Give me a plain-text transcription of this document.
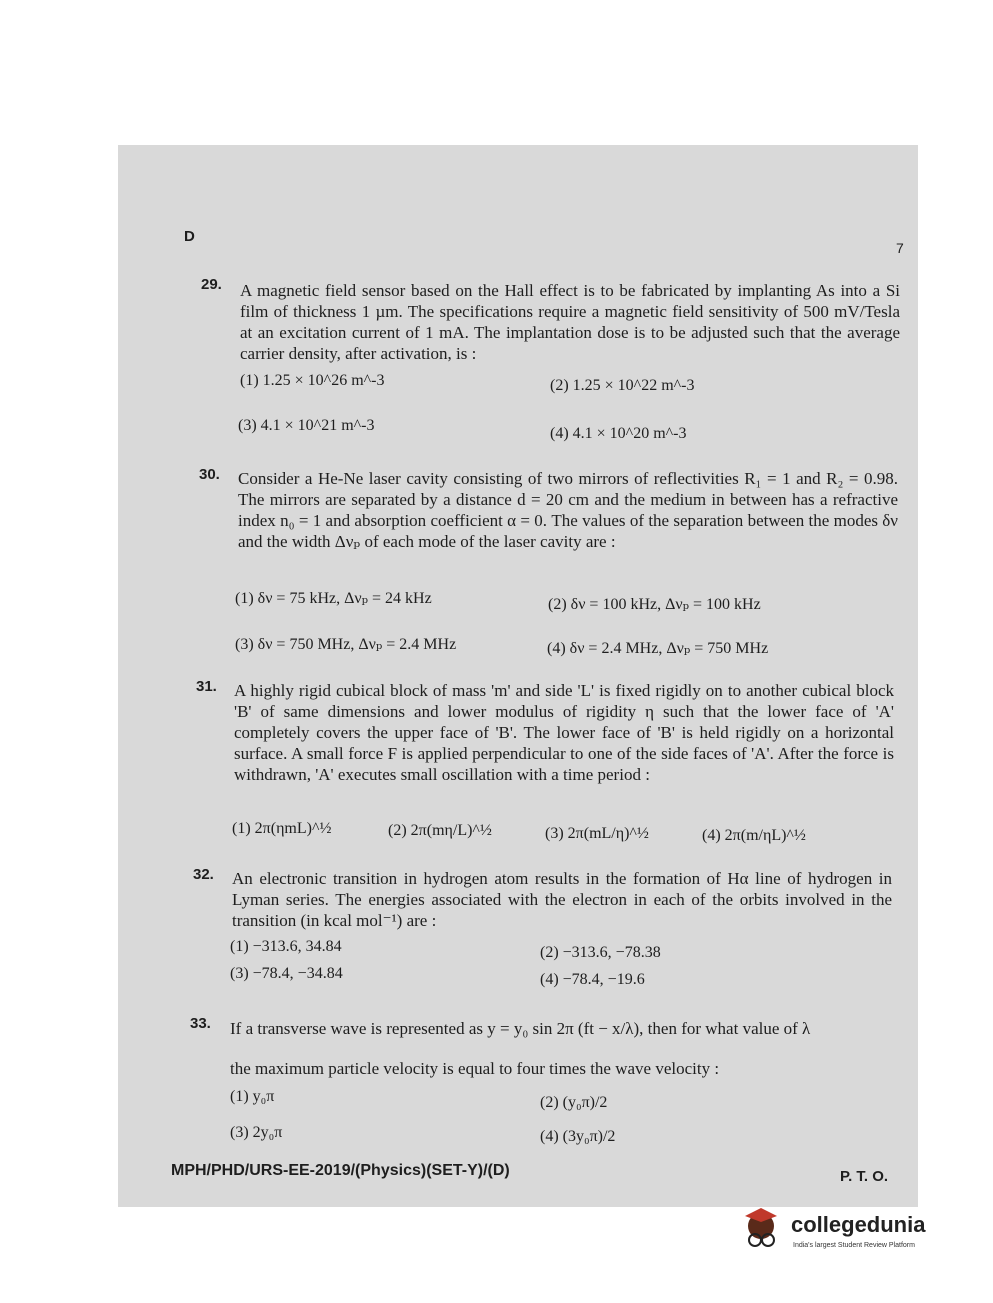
D
7
29. A magnetic field sensor based on the Hall effect is to be fabricated by implanting As into a Si film of thickness 1 µm. The specifications require a magnetic field sensitivity of 500 mV/Tesla at an excitation current of 1 mA. The implantation dose is to be adjusted such that the average carrier density, after activation, is :
(1) 1.25 × 10^26 m^-3	(2) 1.25 × 10^22 m^-3
(3) 4.1 × 10^21 m^-3	(4) 4.1 × 10^20 m^-3
30. Consider a He-Ne laser cavity consisting of two mirrors of reflectivities R₁ = 1 and R₂ = 0.98. The mirrors are separated by a distance d = 20 cm and the medium in between has a refractive index n₀ = 1 and absorption coefficient α = 0. The values of the separation between the modes δν and the width Δνₚ of each mode of the laser cavity are :
(1) δν = 75 kHz, Δνₚ = 24 kHz	(2) δν = 100 kHz, Δνₚ = 100 kHz
(3) δν = 750 MHz, Δνₚ = 2.4 MHz	(4) δν = 2.4 MHz, Δνₚ = 750 MHz
31. A highly rigid cubical block of mass 'm' and side 'L' is fixed rigidly on to another cubical block 'B' of same dimensions and lower modulus of rigidity η such that the lower face of 'A' completely covers the upper face of 'B'. The lower face of 'B' is held rigidly on a horizontal surface. A small force F is applied perpendicular to one of the side faces of 'A'. After the force is withdrawn, 'A' executes small oscillation with a time period :
(1) 2π(ηmL)^½	(2) 2π(mη/L)^½	(3) 2π(mL/η)^½	(4) 2π(m/ηL)^½
32. An electronic transition in hydrogen atom results in the formation of Hα line of hydrogen in Lyman series. The energies associated with the electron in each of the orbits involved in the transition (in kcal mol⁻¹) are :
(1) −313.6, 34.84	(2) −313.6, −78.38
(3) −78.4, −34.84	(4) −78.4, −19.6
33. If a transverse wave is represented as y = y₀ sin 2π (ft − x/λ), then for what value of λ
the maximum particle velocity is equal to four times the wave velocity :
(1) y₀π	(2) (y₀π)/2
(3) 2y₀π	(4) (3y₀π)/2
MPH/PHD/URS-EE-2019/(Physics)(SET-Y)/(D)	P. T. O.
collegedunia
India's largest Student Review Platform
